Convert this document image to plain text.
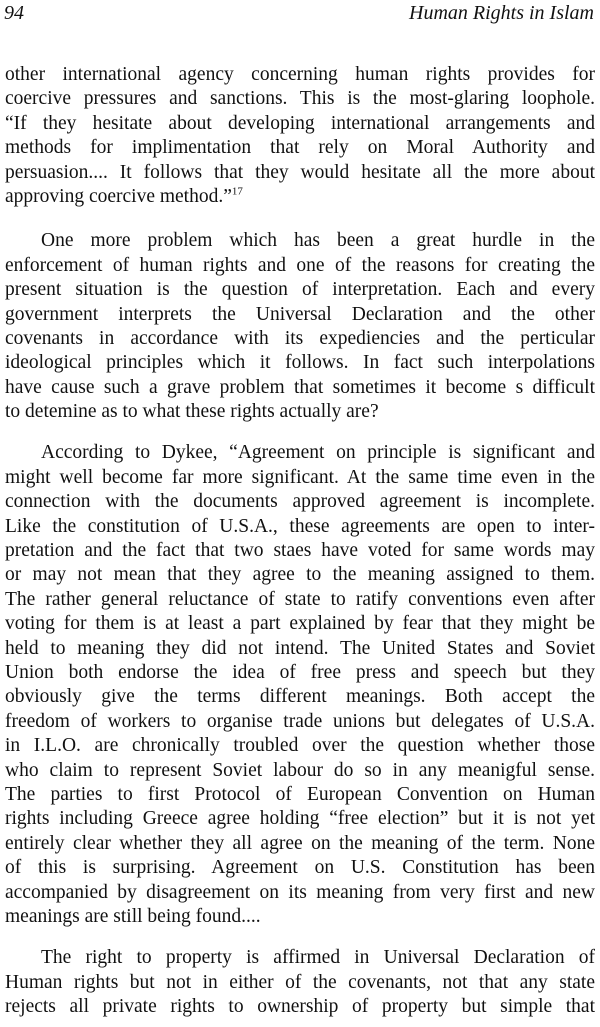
94	Human Rights in Islam
other international agency concerning human rights provides for
coercive pressures and sanctions. This is the most-glaring loophole.
“If they hesitate about developing international arrangements and
methods for implimentation that rely on Moral Authority and
persuasion.... It follows that they would hesitate all the more about
approving coercive method.”$^{17}$
One more problem which has been a great hurdle in the
enforcement of human rights and one of the reasons for creating the
present situation is the question of interpretation. Each and every
government interprets the Universal Declaration and the other
covenants in accordance with its expediencies and the perticular
ideological principles which it follows. In fact such interpolations
have cause such a grave problem that sometimes it become s difficult
to detemine as to what these rights actually are?
According to Dykee, “Agreement on principle is significant and
might well become far more significant. At the same time even in the
connection with the documents approved agreement is incomplete.
Like the constitution of U.S.A., these agreements are open to inter-
pretation and the fact that two staes have voted for same words may
or may not mean that they agree to the meaning assigned to them.
The rather general reluctance of state to ratify conventions even after
voting for them is at least a part explained by fear that they might be
held to meaning they did not intend. The United States and Soviet
Union both endorse the idea of free press and speech but they
obviously give the terms different meanings. Both accept the
freedom of workers to organise trade unions but delegates of U.S.A.
in I.L.O. are chronically troubled over the question whether those
who claim to represent Soviet labour do so in any meanigful sense.
The parties to first Protocol of European Convention on Human
rights including Greece agree holding “free election” but it is not yet
entirely clear whether they all agree on the meaning of the term. None
of this is surprising. Agreement on U.S. Constitution has been
accompanied by disagreement on its meaning from very first and new
meanings are still being found....
The right to property is affirmed in Universal Declaration of
Human rights but not in either of the covenants, not that any state
rejects all private rights to ownership of property but simple that
